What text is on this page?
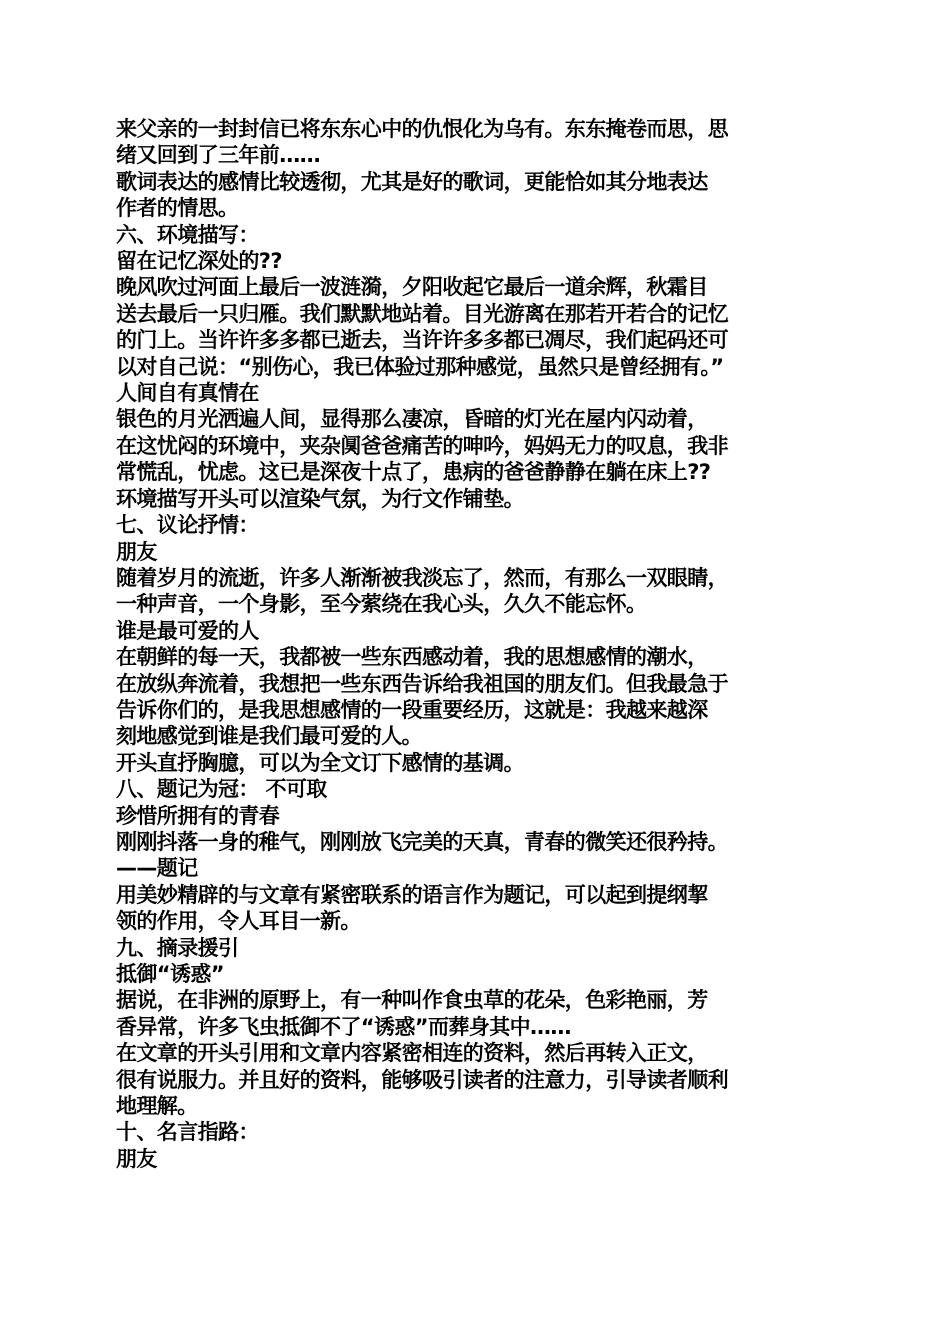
来父亲的一封封信已将东东心中的仇恨化为乌有。东东掩卷而思，思
绪又回到了三年前……
歌词表达的感情比较透彻，尤其是好的歌词，更能恰如其分地表达
作者的情思。
六、环境描写：
留在记忆深处的??
晚风吹过河面上最后一波涟漪，夕阳收起它最后一道余辉，秋霜目
送去最后一只归雁。我们默默地站着。目光游离在那若开若合的记忆
的门上。当许许多多都已逝去，当许许多多都已凋尽，我们起码还可
以对自己说：“别伤心，我已体验过那种感觉，虽然只是曾经拥有。”
人间自有真情在
银色的月光洒遍人间，显得那么凄凉，昏暗的灯光在屋内闪动着，
在这忧闷的环境中，夹杂阒爸爸痛苦的呻吟，妈妈无力的叹息，我非
常慌乱，忧虑。这已是深夜十点了，患病的爸爸静静在躺在床上??
环境描写开头可以渲染气氛，为行文作铺垫。
七、议论抒情：
朋友
随着岁月的流逝，许多人渐渐被我淡忘了，然而，有那么一双眼睛，
一种声音，一个身影，至今萦绕在我心头，久久不能忘怀。
谁是最可爱的人
在朝鲜的每一天，我都被一些东西感动着，我的思想感情的潮水，
在放纵奔流着，我想把一些东西告诉给我祖国的朋友们。但我最急于
告诉你们的，是我思想感情的一段重要经历，这就是：我越来越深
刻地感觉到谁是我们最可爱的人。
开头直抒胸臆，可以为全文订下感情的基调。
八、题记为冠： 不可取
珍惜所拥有的青春
刚刚抖落一身的稚气，刚刚放飞完美的天真，青春的微笑还很矜持。
——题记
用美妙精辟的与文章有紧密联系的语言作为题记，可以起到提纲挈
领的作用，令人耳目一新。
九、摘录援引
抵御“诱惑”
据说，在非洲的原野上，有一种叫作食虫草的花朵，色彩艳丽，芳
香异常，许多飞虫抵御不了“诱惑”而葬身其中……
在文章的开头引用和文章内容紧密相连的资料，然后再转入正文，
很有说服力。并且好的资料，能够吸引读者的注意力，引导读者顺利
地理解。
十、名言指路：
朋友
